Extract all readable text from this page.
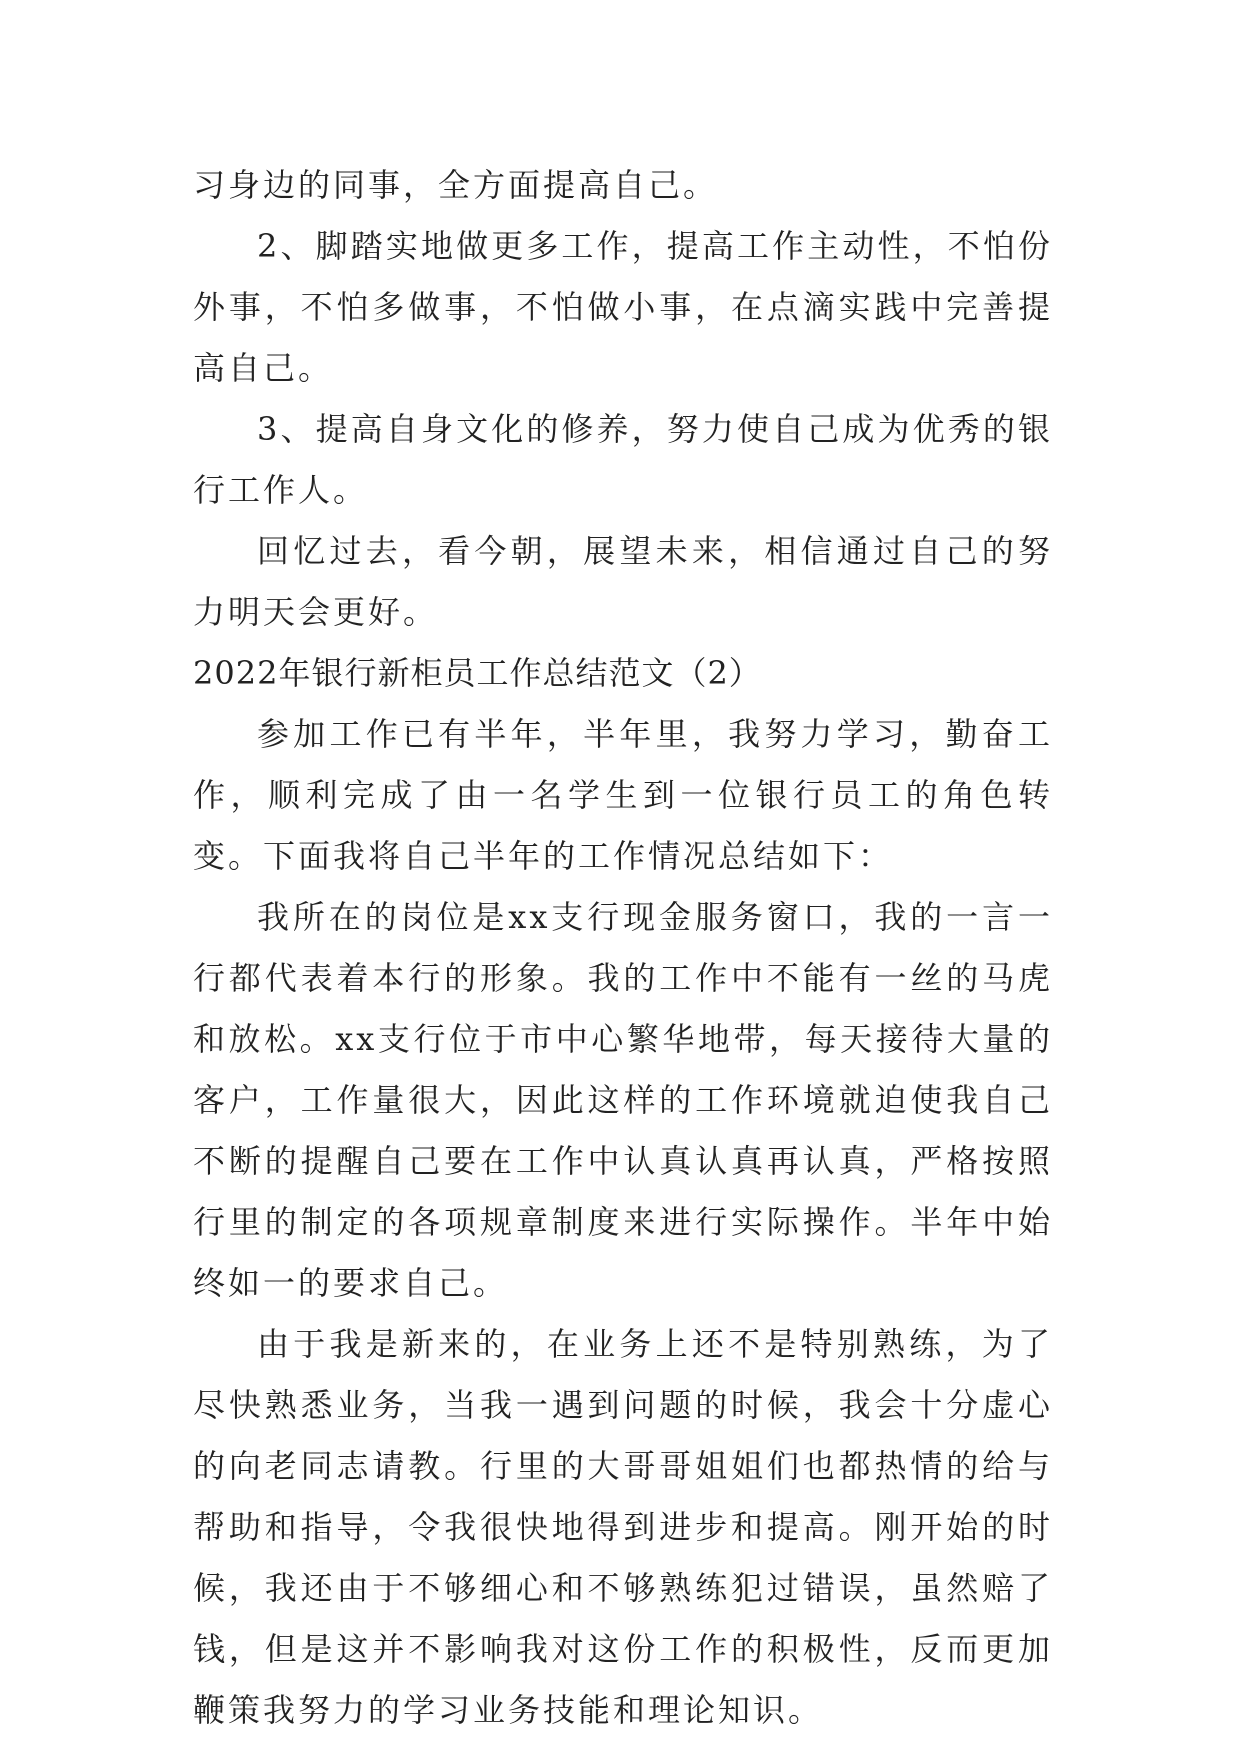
习身边的同事，全方面提高自己。

2、脚踏实地做更多工作，提高工作主动性，不怕份外事，不怕多做事，不怕做小事，在点滴实践中完善提高自己。

3、提高自身文化的修养，努力使自己成为优秀的银行工作人。

回忆过去，看今朝，展望未来，相信通过自己的努力明天会更好。

2022年银行新柜员工作总结范文（2）

参加工作已有半年，半年里，我努力学习，勤奋工作，顺利完成了由一名学生到一位银行员工的角色转变。下面我将自己半年的工作情况总结如下：

我所在的岗位是xx支行现金服务窗口，我的一言一行都代表着本行的形象。我的工作中不能有一丝的马虎和放松。xx支行位于市中心繁华地带，每天接待大量的客户，工作量很大，因此这样的工作环境就迫使我自己不断的提醒自己要在工作中认真认真再认真，严格按照行里的制定的各项规章制度来进行实际操作。半年中始终如一的要求自己。

由于我是新来的，在业务上还不是特别熟练，为了尽快熟悉业务，当我一遇到问题的时候，我会十分虚心的向老同志请教。行里的大哥哥姐姐们也都热情的给与帮助和指导，令我很快地得到进步和提高。刚开始的时候，我还由于不够细心和不够熟练犯过错误，虽然赔了钱，但是这并不影响我对这份工作的积极性，反而更加鞭策我努力的学习业务技能和理论知识。
